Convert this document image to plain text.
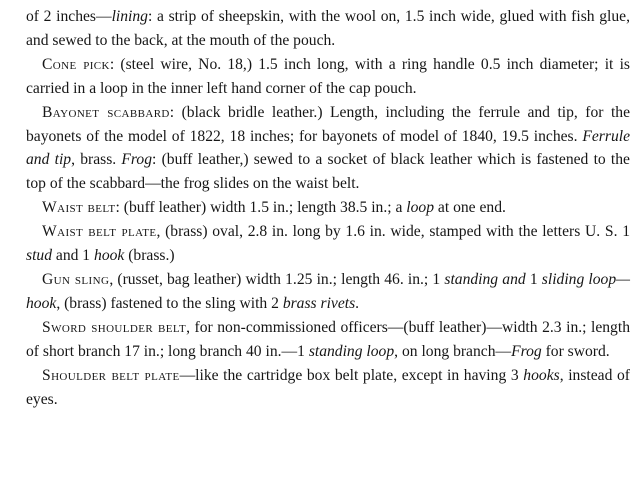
of 2 inches—lining: a strip of sheepskin, with the wool on, 1.5 inch wide, glued with fish glue, and sewed to the back, at the mouth of the pouch.

Cone pick: (steel wire, No. 18,) 1.5 inch long, with a ring handle 0.5 inch diameter; it is carried in a loop in the inner left hand corner of the cap pouch.

Bayonet scabbard: (black bridle leather.) Length, including the ferrule and tip, for the bayonets of the model of 1822, 18 inches; for bayonets of model of 1840, 19.5 inches. Ferrule and tip, brass. Frog: (buff leather,) sewed to a socket of black leather which is fastened to the top of the scabbard—the frog slides on the waist belt.

Waist belt: (buff leather) width 1.5 in.; length 38.5 in.; a loop at one end.

Waist belt plate, (brass) oval, 2.8 in. long by 1.6 in. wide, stamped with the letters U. S. 1 stud and 1 hook (brass.)

Gun sling, (russet, bag leather) width 1.25 in.; length 46. in.; 1 standing and 1 sliding loop—hook, (brass) fastened to the sling with 2 brass rivets.

Sword shoulder belt, for non-commissioned officers—(buff leather)—width 2.3 in.; length of short branch 17 in.; long branch 40 in.—1 standing loop, on long branch—Frog for sword.

Shoulder belt plate—like the cartridge box belt plate, except in having 3 hooks, instead of eyes.
